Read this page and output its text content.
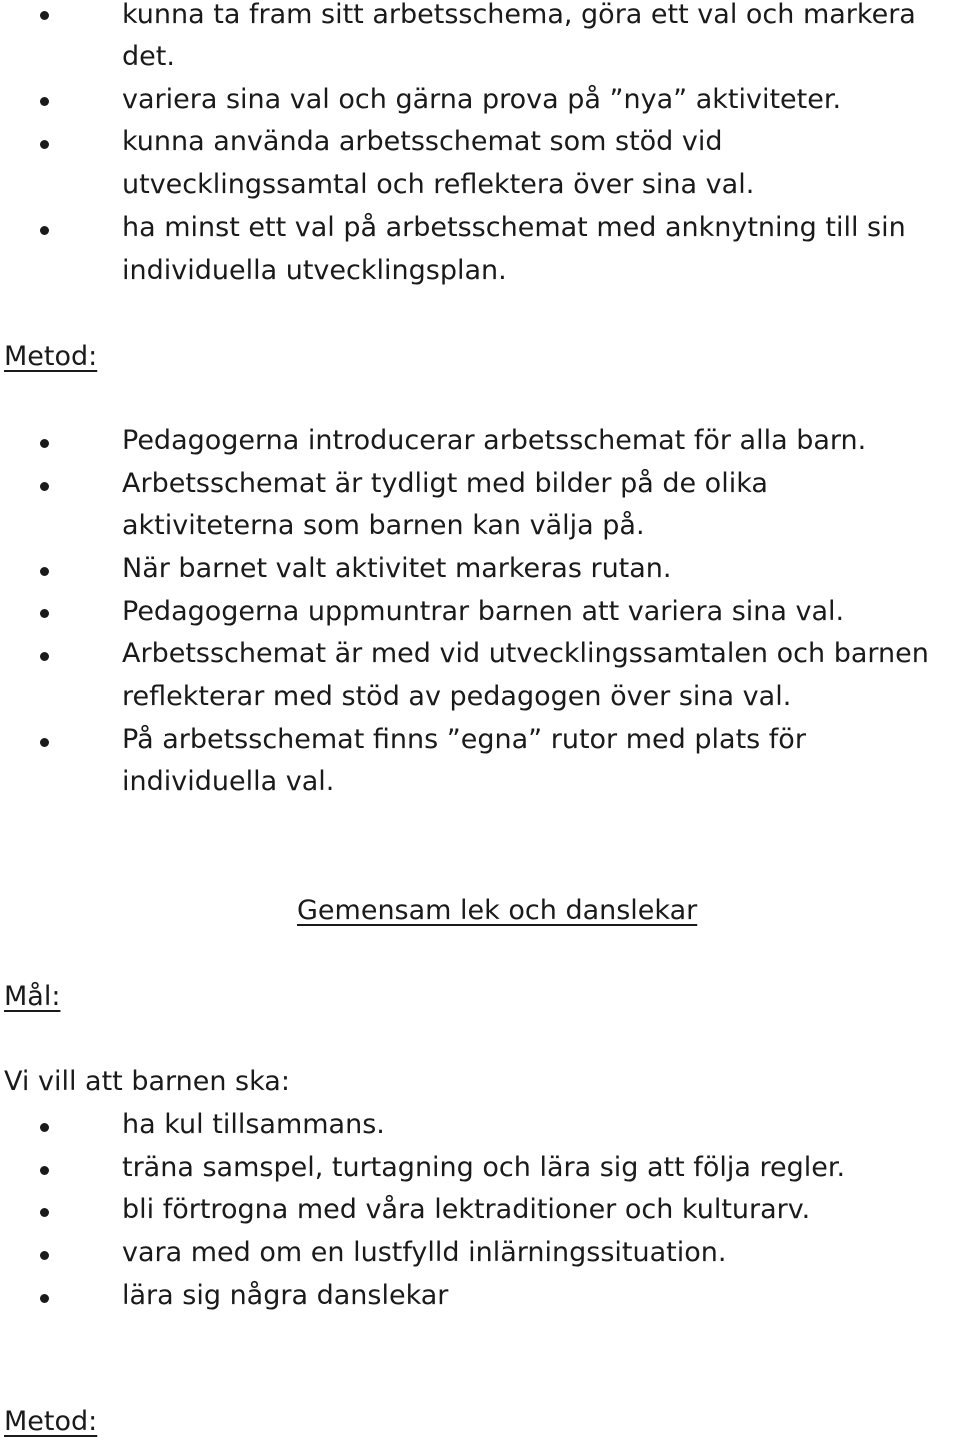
kunna ta fram sitt arbetsschema, göra ett val och markera
det.
variera sina val och gärna prova på ”nya” aktiviteter.
kunna använda arbetsschemat som stöd vid
utvecklingssamtal och reflektera över sina val.
ha minst ett val på arbetsschemat med anknytning till sin
individuella utvecklingsplan.
Metod:
Pedagogerna introducerar arbetsschemat för alla barn.
Arbetsschemat är tydligt med bilder på de olika
aktiviteterna som barnen kan välja på.
När barnet valt aktivitet markeras rutan.
Pedagogerna uppmuntrar barnen att variera sina val.
Arbetsschemat är med vid utvecklingssamtalen och barnen
reflekterar med stöd av pedagogen över sina val.
På arbetsschemat finns ”egna” rutor med plats för
individuella val.
Gemensam lek och danslekar
Mål:
Vi vill att barnen ska:
ha kul tillsammans.
träna samspel, turtagning och lära sig att följa regler.
bli förtrogna med våra lektraditioner och kulturarv.
vara med om en lustfylld inlärningssituation.
lära sig några danslekar
Metod:
